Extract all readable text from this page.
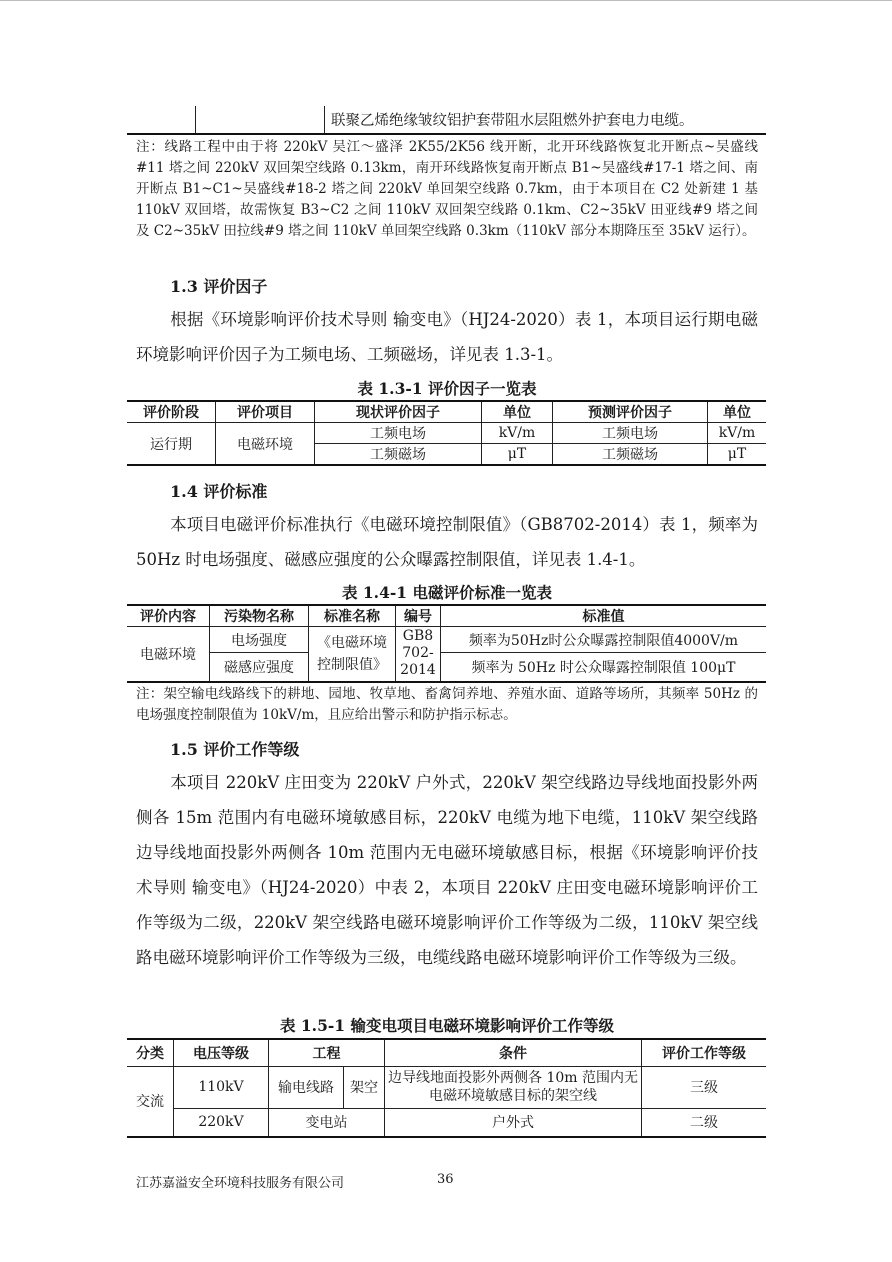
		联聚乙烯绝缘皱纹铝护套带阻水层阻燃外护套电力电缆。
注：线路工程中由于将 220kV 吴江～盛泽 2K55/2K56 线开断，北开环线路恢复北开断点~吴盛线#11 塔之间 220kV 双回架空线路 0.13km，南开环线路恢复南开断点 B1~吴盛线#17-1 塔之间、南开断点 B1~C1~吴盛线#18-2 塔之间 220kV 单回架空线路 0.7km，由于本项目在 C2 处新建 1 基 110kV 双回塔，故需恢复 B3~C2 之间 110kV 双回架空线路 0.1km、C2~35kV 田亚线#9 塔之间及 C2~35kV 田拉线#9 塔之间 110kV 单回架空线路 0.3km（110kV 部分本期降压至 35kV 运行）。
1.3 评价因子
根据《环境影响评价技术导则 输变电》（HJ24-2020）表 1，本项目运行期电磁环境影响评价因子为工频电场、工频磁场，详见表 1.3-1。
表 1.3-1 评价因子一览表
评价阶段	评价项目	现状评价因子	单位	预测评价因子	单位
运行期	电磁环境	工频电场	kV/m	工频电场	kV/m
		工频磁场	μT	工频磁场	μT
1.4 评价标准
本项目电磁评价标准执行《电磁环境控制限值》（GB8702-2014）表 1，频率为 50Hz 时电场强度、磁感应强度的公众曝露控制限值，详见表 1.4-1。
表 1.4-1 电磁评价标准一览表
评价内容	污染物名称	标准名称	编号	标准值
电磁环境	电场强度	《电磁环境控制限值》	GB8702-2014	频率为50Hz时公众曝露控制限值4000V/m
	磁感应强度			频率为 50Hz 时公众曝露控制限值 100μT
注：架空输电线路线下的耕地、园地、牧草地、畜禽饲养地、养殖水面、道路等场所，其频率 50Hz 的电场强度控制限值为 10kV/m，且应给出警示和防护指示标志。
1.5 评价工作等级
本项目 220kV 庄田变为 220kV 户外式，220kV 架空线路边导线地面投影外两侧各 15m 范围内有电磁环境敏感目标，220kV 电缆为地下电缆，110kV 架空线路边导线地面投影外两侧各 10m 范围内无电磁环境敏感目标，根据《环境影响评价技术导则 输变电》（HJ24-2020）中表 2，本项目 220kV 庄田变电磁环境影响评价工作等级为二级，220kV 架空线路电磁环境影响评价工作等级为二级，110kV 架空线路电磁环境影响评价工作等级为三级，电缆线路电磁环境影响评价工作等级为三级。
表 1.5-1 输变电项目电磁环境影响评价工作等级
分类	电压等级	工程		条件	评价工作等级
交流	110kV	输电线路	架空	边导线地面投影外两侧各 10m 范围内无电磁环境敏感目标的架空线	三级
	220kV	变电站		户外式	二级
江苏嘉溢安全环境科技服务有限公司	36
